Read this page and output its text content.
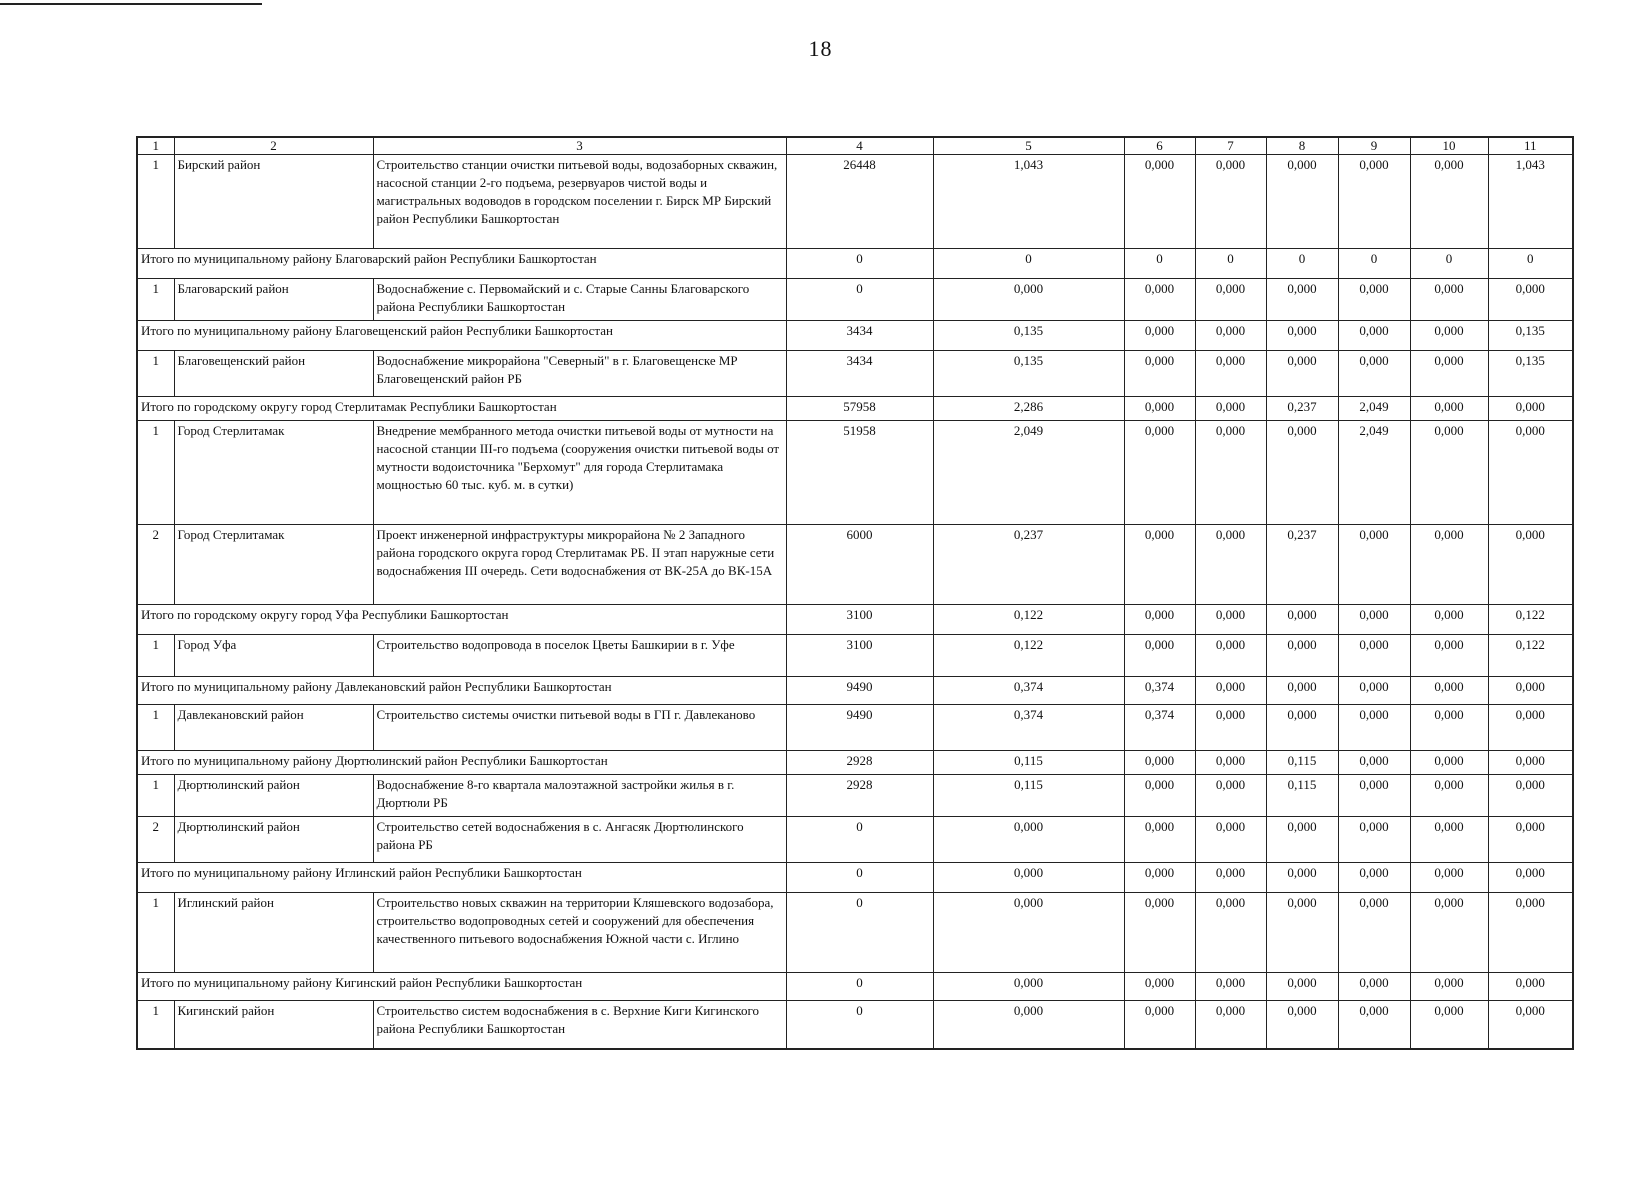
18
1	2	3	4	5	6	7	8	9	10	11
1	Бирский район	Строительство станции очистки питьевой воды, водозаборных скважин, насосной станции 2-го подъема, резервуаров чистой воды и магистральных водоводов в городском поселении г. Бирск МР Бирский район Республики Башкортостан	26448	1,043	0,000	0,000	0,000	0,000	0,000	1,043
Итого по муниципальному району Благоварский район Республики Башкортостан			0	0	0	0	0	0	0	0
1	Благоварский район	Водоснабжение с. Первомайский и с. Старые Санны Благоварского района Республики Башкортостан	0	0,000	0,000	0,000	0,000	0,000	0,000	0,000
Итого по муниципальному району Благовещенский район Республики Башкортостан			3434	0,135	0,000	0,000	0,000	0,000	0,000	0,135
1	Благовещенский район	Водоснабжение микрорайона "Северный" в г. Благовещенске МР Благовещенский район РБ	3434	0,135	0,000	0,000	0,000	0,000	0,000	0,135
Итого по городскому округу город Стерлитамак Республики Башкортостан			57958	2,286	0,000	0,000	0,237	2,049	0,000	0,000
1	Город Стерлитамак	Внедрение мембранного метода очистки питьевой воды от мутности на насосной станции III-го подъема (сооружения очистки питьевой воды от мутности водоисточника "Берхомут" для города Стерлитамака мощностью 60 тыс. куб. м. в сутки)	51958	2,049	0,000	0,000	0,000	2,049	0,000	0,000
2	Город Стерлитамак	Проект инженерной инфраструктуры микрорайона № 2 Западного района городского округа город Стерлитамак РБ. II этап наружные сети водоснабжения III очередь. Сети водоснабжения от ВК-25А до ВК-15А	6000	0,237	0,000	0,000	0,237	0,000	0,000	0,000
Итого по городскому округу город Уфа Республики Башкортостан			3100	0,122	0,000	0,000	0,000	0,000	0,000	0,122
1	Город Уфа	Строительство водопровода в поселок Цветы Башкирии в г. Уфе	3100	0,122	0,000	0,000	0,000	0,000	0,000	0,122
Итого по муниципальному району Давлекановский район Республики Башкортостан			9490	0,374	0,374	0,000	0,000	0,000	0,000	0,000
1	Давлекановский район	Строительство системы очистки питьевой воды в ГП г. Давлеканово	9490	0,374	0,374	0,000	0,000	0,000	0,000	0,000
Итого по муниципальному району Дюртюлинский район Республики Башкортостан			2928	0,115	0,000	0,000	0,115	0,000	0,000	0,000
1	Дюртюлинский район	Водоснабжение 8-го квартала малоэтажной застройки жилья в г. Дюртюли РБ	2928	0,115	0,000	0,000	0,115	0,000	0,000	0,000
2	Дюртюлинский район	Строительство сетей водоснабжения в с. Ангасяк Дюртюлинского района РБ	0	0,000	0,000	0,000	0,000	0,000	0,000	0,000
Итого по муниципальному району Иглинский район Республики Башкортостан			0	0,000	0,000	0,000	0,000	0,000	0,000	0,000
1	Иглинский район	Строительство новых скважин на территории Кляшевского водозабора, строительство водопроводных сетей и сооружений для обеспечения качественного питьевого водоснабжения Южной части с. Иглино	0	0,000	0,000	0,000	0,000	0,000	0,000	0,000
Итого по муниципальному району Кигинский район Республики Башкортостан			0	0,000	0,000	0,000	0,000	0,000	0,000	0,000
1	Кигинский район	Строительство систем водоснабжения в с. Верхние Киги Кигинского района Республики Башкортостан	0	0,000	0,000	0,000	0,000	0,000	0,000	0,000
